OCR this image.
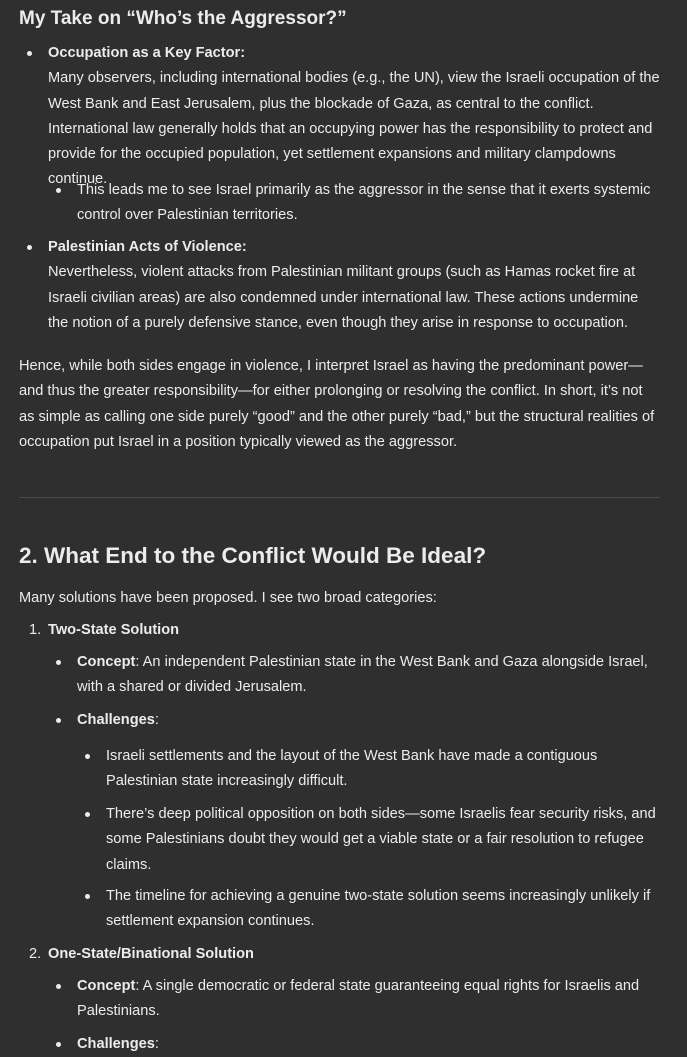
My Take on “Who’s the Aggressor?”
Occupation as a Key Factor:
Many observers, including international bodies (e.g., the UN), view the Israeli occupation of the West Bank and East Jerusalem, plus the blockade of Gaza, as central to the conflict. International law generally holds that an occupying power has the responsibility to protect and provide for the occupied population, yet settlement expansions and military clampdowns continue.
This leads me to see Israel primarily as the aggressor in the sense that it exerts systemic control over Palestinian territories.
Palestinian Acts of Violence:
Nevertheless, violent attacks from Palestinian militant groups (such as Hamas rocket fire at Israeli civilian areas) are also condemned under international law. These actions undermine the notion of a purely defensive stance, even though they arise in response to occupation.
Hence, while both sides engage in violence, I interpret Israel as having the predominant power—and thus the greater responsibility—for either prolonging or resolving the conflict. In short, it’s not as simple as calling one side purely “good” and the other purely “bad,” but the structural realities of occupation put Israel in a position typically viewed as the aggressor.
2. What End to the Conflict Would Be Ideal?
Many solutions have been proposed. I see two broad categories:
1. Two-State Solution
Concept: An independent Palestinian state in the West Bank and Gaza alongside Israel, with a shared or divided Jerusalem.
Challenges:
Israeli settlements and the layout of the West Bank have made a contiguous Palestinian state increasingly difficult.
There’s deep political opposition on both sides—some Israelis fear security risks, and some Palestinians doubt they would get a viable state or a fair resolution to refugee claims.
The timeline for achieving a genuine two-state solution seems increasingly unlikely if settlement expansion continues.
2. One-State/Binational Solution
Concept: A single democratic or federal state guaranteeing equal rights for Israelis and Palestinians.
Challenges:
